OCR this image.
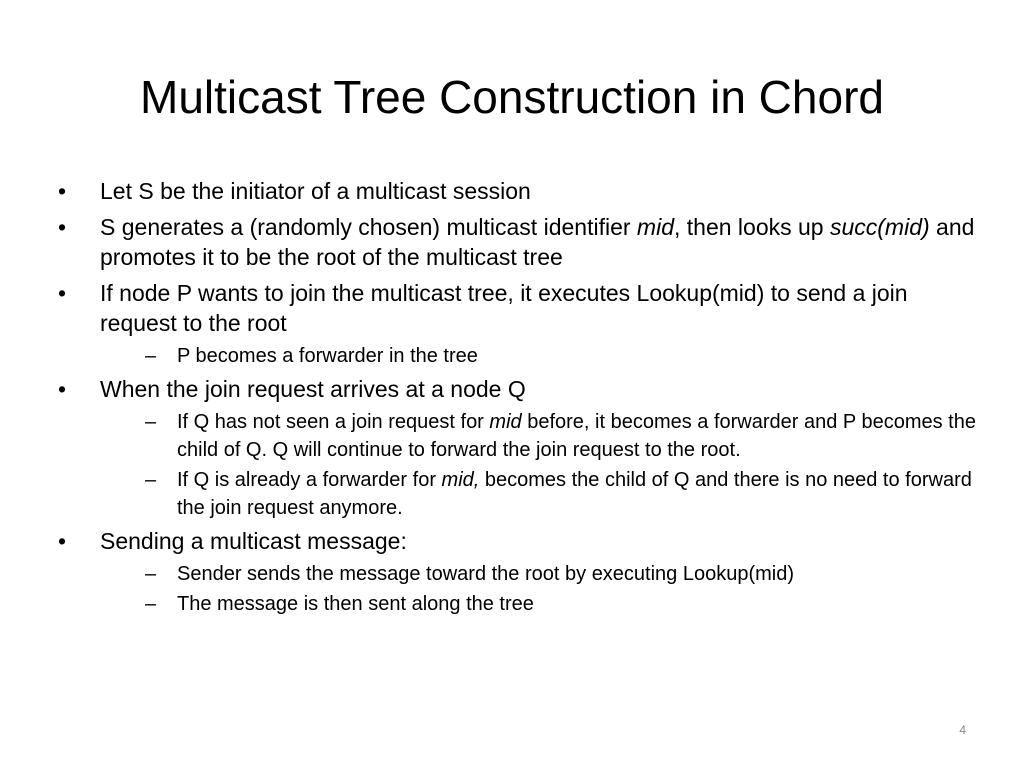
Multicast Tree Construction in Chord
•	Let S be the initiator of a multicast session
•	S generates a (randomly chosen) multicast identifier mid, then looks up succ(mid) and promotes it to be the root of the multicast tree
•	If node P wants to join the multicast tree, it executes Lookup(mid) to send a join request to the root
–	P becomes a forwarder in the tree
•	When the join request arrives at a node Q
–	If Q has not seen a join request for mid before, it becomes a forwarder and P becomes the child of Q. Q will continue to forward the join request to the root.
–	If Q is already a forwarder for mid, becomes the child of Q and there is no need to forward the join request anymore.
•	Sending a multicast message:
–	Sender sends the message toward the root by executing Lookup(mid)
–	The message is then sent along the tree
4
